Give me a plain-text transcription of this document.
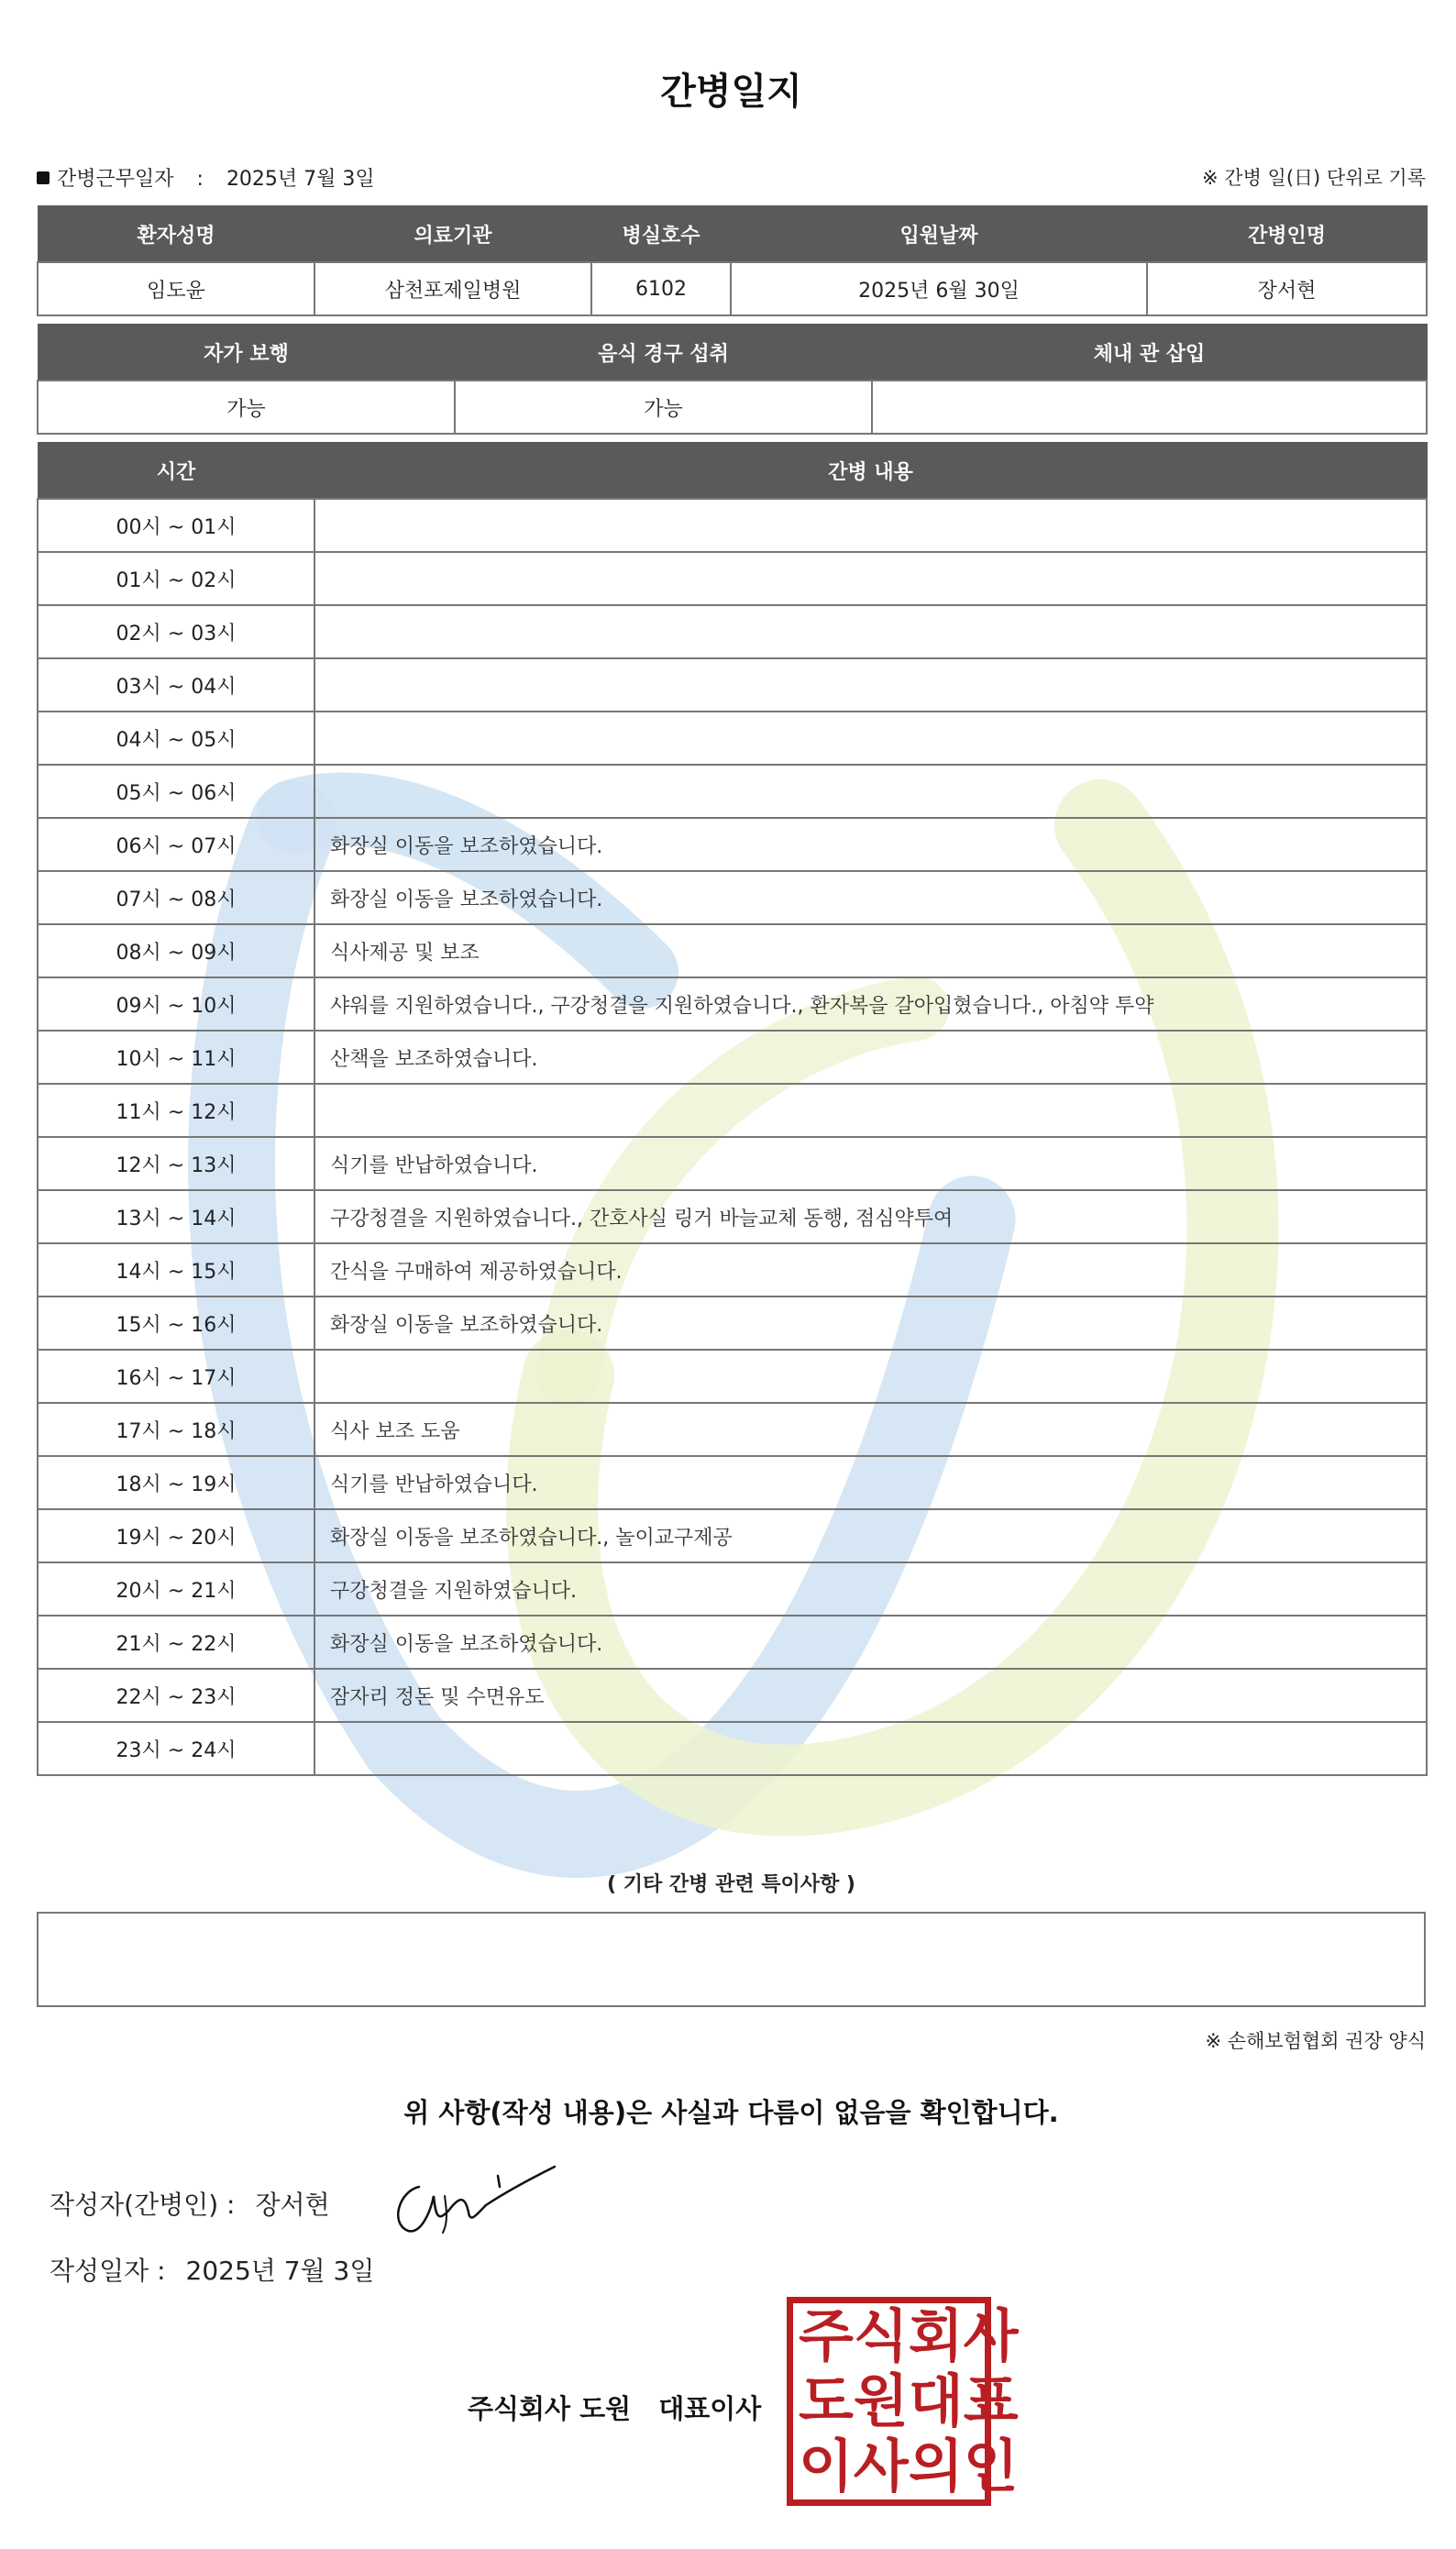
간병일지
간병근무일자 : 2025년 7월 3일	※ 간병 일(日) 단위로 기록
환자성명	의료기관	병실호수	입원날짜	간병인명
임도윤	삼천포제일병원	6102	2025년 6월 30일	장서현
자가 보행	음식 경구 섭취	체내 관 삽입
가능	가능	
시간	간병 내용
00시 ~ 01시	
01시 ~ 02시	
02시 ~ 03시	
03시 ~ 04시	
04시 ~ 05시	
05시 ~ 06시	
06시 ~ 07시	화장실 이동을 보조하였습니다.
07시 ~ 08시	화장실 이동을 보조하였습니다.
08시 ~ 09시	식사제공 및 보조
09시 ~ 10시	샤워를 지원하였습니다., 구강청결을 지원하였습니다., 환자복을 갈아입혔습니다., 아침약 투약
10시 ~ 11시	산책을 보조하였습니다.
11시 ~ 12시	
12시 ~ 13시	식기를 반납하였습니다.
13시 ~ 14시	구강청결을 지원하였습니다., 간호사실 링거 바늘교체 동행, 점심약투여
14시 ~ 15시	간식을 구매하여 제공하였습니다.
15시 ~ 16시	화장실 이동을 보조하였습니다.
16시 ~ 17시	
17시 ~ 18시	식사 보조 도움
18시 ~ 19시	식기를 반납하였습니다.
19시 ~ 20시	화장실 이동을 보조하였습니다., 놀이교구제공
20시 ~ 21시	구강청결을 지원하였습니다.
21시 ~ 22시	화장실 이동을 보조하였습니다.
22시 ~ 23시	잠자리 정돈 및 수면유도
23시 ~ 24시	
( 기타 간병 관련 특이사항 )
※ 손해보험협회 권장 양식
위 사항(작성 내용)은 사실과 다름이 없음을 확인합니다.
작성자(간병인) : 장서현
작성일자 : 2025년 7월 3일
주식회사 도원 대표이사
주 식 회 사
도 원 대 표
이 사 의 인
